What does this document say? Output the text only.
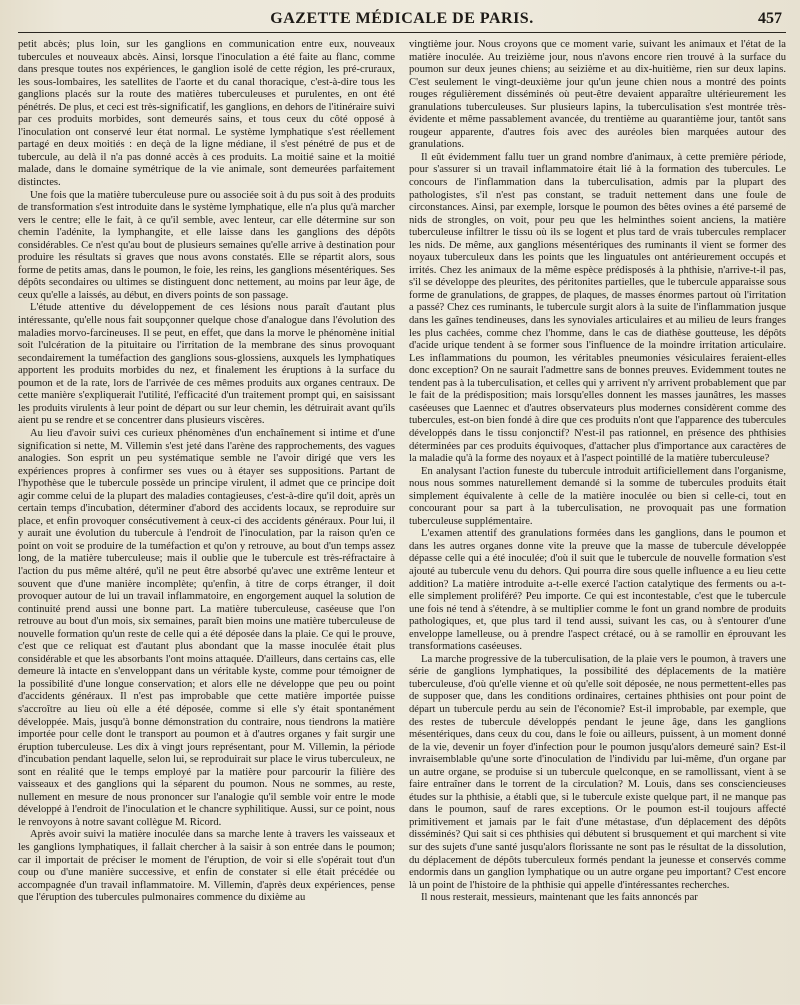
GAZETTE MÉDICALE DE PARIS.	457

petit abcès; plus loin, sur les ganglions en communication entre eux, nouveaux tubercules et nouveaux abcès. Ainsi, lorsque l'inoculation a été faite au flanc, comme dans presque toutes nos expériences, le ganglion isolé de cette région, les pré-cruraux, les sous-lombaires, les satellites de l'aorte et du canal thoracique, c'est-à-dire tous les ganglions placés sur la route des matières tuberculeuses et purulentes, en ont été pénétrés. De plus, et ceci est très-significatif, les ganglions, en dehors de l'itinéraire suivi par ces produits morbides, sont demeurés sains, et tous ceux du côté opposé à l'inoculation ont conservé leur état normal. Le système lymphatique s'est réellement partagé en deux moitiés : en deçà de la ligne médiane, il s'est pénétré de pus et de tubercule, au delà il n'a pas donné accès à ces produits. La moitié saine et la moitié malade, dans le domaine symétrique de la vie animale, sont demeurées parfaitement distinctes.

Une fois que la matière tuberculeuse pure ou associée soit à du pus soit à des produits de transformation s'est introduite dans le système lymphatique, elle n'a plus qu'à marcher vers le centre; elle le fait, à ce qu'il semble, avec lenteur, car elle détermine sur son chemin l'adénite, la lymphangite, et elle laisse dans les ganglions des dépôts considérables. Ce n'est qu'au bout de plusieurs semaines qu'elle arrive à destination pour produire les résultats si graves que nous avons constatés. Elle se répartit alors, sous forme de petits amas, dans le poumon, le foie, les reins, les ganglions mésentériques. Ses dépôts secondaires ou ultimes se distinguent donc nettement, au moins par leur âge, de ceux qu'elle a laissés, au début, en divers points de son passage.

L'étude attentive du développement de ces lésions nous paraît d'autant plus intéressante, qu'elle nous fait soupçonner quelque chose d'analogue dans l'évolution des maladies morvo-farcineuses. Il se peut, en effet, que dans la morve le phénomène initial soit l'ulcération de la pituitaire ou l'irritation de la membrane des sinus provoquant secondairement la tuméfaction des ganglions sous-glossiens, auxquels les lymphatiques apportent les produits morbides du nez, et finalement les éruptions à la surface du poumon et de la rate, lors de l'arrivée de ces mêmes produits aux organes centraux. De cette manière s'expliquerait l'utilité, l'efficacité d'un traitement prompt qui, en saisissant les produits virulents à leur point de départ ou sur leur chemin, les détruirait avant qu'ils aient pu se rendre et se concentrer dans plusieurs viscères.

Au lieu d'avoir suivi ces curieux phénomènes d'un enchaînement si intime et d'une signification si nette, M. Villemin s'est jeté dans l'arène des rapprochements, des vagues analogies. Son esprit un peu systématique semble ne l'avoir dirigé que vers les expériences propres à confirmer ses vues ou à étayer ses suppositions. Partant de l'hypothèse que le tubercule possède un principe virulent, il admet que ce principe doit agir comme celui de la plupart des maladies contagieuses, c'est-à-dire qu'il doit, après un certain temps d'incubation, déterminer d'abord des accidents locaux, se reproduire sur place, et enfin provoquer consécutivement à ceux-ci des accidents généraux. Pour lui, il y aurait une évolution du tubercule à l'endroit de l'inoculation, par la raison qu'en ce point on voit se produire de la tuméfaction et qu'on y retrouve, au bout d'un temps assez long, de la matière tuberculeuse; mais il oublie que le tubercule est très-réfractaire à l'action du pus même altéré, qu'il ne peut être absorbé qu'avec une extrême lenteur et souvent que d'une manière incomplète; qu'enfin, à titre de corps étranger, il doit provoquer autour de lui un travail inflammatoire, en engorgement auquel la solution de continuité prend aussi une bonne part. La matière tuberculeuse, caséeuse que l'on retrouve au bout d'un mois, six semaines, paraît bien moins une matière tuberculeuse de nouvelle formation qu'un reste de celle qui a été déposée dans la plaie. Ce qui le prouve, c'est que ce reliquat est d'autant plus abondant que la masse inoculée était plus considérable et que les absorbants l'ont moins attaquée. D'ailleurs, dans certains cas, elle demeure là intacte en s'enveloppant dans un véritable kyste, comme pour témoigner de la possibilité d'une longue conservation; et alors elle ne développe que peu ou point d'accidents généraux. Il n'est pas improbable que cette matière importée puisse s'accroître au lieu où elle a été déposée, comme si elle s'y était spontanément développée. Mais, jusqu'à bonne démonstration du contraire, nous tiendrons la matière importée pour celle dont le transport au poumon et à d'autres organes y fait surgir une éruption tuberculeuse. Les dix à vingt jours représentant, pour M. Villemin, la période d'incubation pendant laquelle, selon lui, se reproduirait sur place le virus tuberculeux, ne sont en réalité que le temps employé par la matière pour parcourir la filière des vaisseaux et des ganglions qui la séparent du poumon. Nous ne sommes, au reste, nullement en mesure de nous prononcer sur l'analogie qu'il semble voir entre le mode développé à l'endroit de l'inoculation et le chancre syphilitique. Aussi, sur ce point, nous le renvoyons à notre savant collègue M. Ricord.

Après avoir suivi la matière inoculée dans sa marche lente à travers les vaisseaux et les ganglions lymphatiques, il fallait chercher à la saisir à son entrée dans le poumon; car il importait de préciser le moment de l'éruption, de voir si elle s'opérait tout d'un coup ou d'une manière successive, et enfin de constater si elle était précédée ou accompagnée d'un travail inflammatoire. M. Villemin, d'après deux expériences, pense que l'éruption des tubercules pulmonaires commence du dixième au

vingtième jour. Nous croyons que ce moment varie, suivant les animaux et l'état de la matière inoculée. Au treizième jour, nous n'avons encore rien trouvé à la surface du poumon sur deux jeunes chiens; au seizième et au dix-huitième, rien sur deux lapins. C'est seulement le vingt-deuxième jour qu'un jeune chien nous a montré des points rouges régulièrement disséminés où peut-être devaient apparaître ultérieurement les granulations tuberculeuses. Sur plusieurs lapins, la tuberculisation s'est montrée très-évidente et même passablement avancée, du trentième au quarantième jour, tantôt sans rougeur apparente, d'autres fois avec des auréoles bien marquées autour des granulations.

Il eût évidemment fallu tuer un grand nombre d'animaux, à cette première période, pour s'assurer si un travail inflammatoire était lié à la formation des tubercules. Le concours de l'inflammation dans la tuberculisation, admis par la plupart des pathologistes, s'il n'est pas constant, se traduit nettement dans une foule de circonstances. Ainsi, par exemple, lorsque le poumon des bêtes ovines a été parsemé de nids de strongles, on voit, pour peu que les helminthes soient anciens, la matière tuberculeuse infiltrer le tissu où ils se logent et plus tard de vrais tubercules remplacer les nids. De même, aux ganglions mésentériques des ruminants il vient se former des noyaux tuberculeux dans les points que les linguatules ont antérieurement occupés et irrités. Chez les animaux de la même espèce prédisposés à la phthisie, n'arrive-t-il pas, s'il se développe des pleurites, des péritonites partielles, que le tubercule apparaisse sous forme de granulations, de grappes, de plaques, de masses énormes partout où l'irritation a passé? Chez ces ruminants, le tubercule surgit alors à la suite de l'inflammation jusque dans les gaînes tendineuses, dans les synoviales articulaires et au milieu de leurs franges les plus cachées, comme chez l'homme, dans le cas de diathèse goutteuse, les dépôts d'acide urique tendent à se former sous l'influence de la moindre irritation articulaire. Les inflammations du poumon, les véritables pneumonies vésiculaires feraient-elles donc exception? On ne saurait l'admettre sans de bonnes preuves. Evidemment toutes ne tendent pas à la tuberculisation, et celles qui y arrivent n'y arrivent probablement que par le fait de la prédisposition; mais lorsqu'elles donnent les masses jaunâtres, les masses caséeuses que Laennec et d'autres observateurs plus modernes considèrent comme des tubercules, est-on bien fondé à dire que ces produits n'ont que l'apparence des tubercules développés dans le tissu conjonctif? N'est-il pas rationnel, en présence des phthisies déterminées par ces produits équivoques, d'attacher plus d'importance aux caractères de la maladie qu'à la forme des noyaux et à l'aspect pointillé de la matière tuberculeuse?

En analysant l'action funeste du tubercule introduit artificiellement dans l'organisme, nous nous sommes naturellement demandé si la somme de tubercules produits était simplement équivalente à celle de la matière inoculée ou bien si celle-ci, tout en concourant pour sa part à la tuberculisation, ne provoquait pas une formation tuberculeuse supplémentaire.

L'examen attentif des granulations formées dans les ganglions, dans le poumon et dans les autres organes donne vite la preuve que la masse de tubercule développée dépasse celle qui a été inoculée; d'où il suit que le tubercule de nouvelle formation s'est ajouté au tubercule venu du dehors. Qui pourra dire sous quelle influence a eu lieu cette addition? La matière introduite a-t-elle exercé l'action catalytique des ferments ou a-t-elle simplement proliféré? Peu importe. Ce qui est incontestable, c'est que le tubercule une fois né tend à s'étendre, à se multiplier comme le font un grand nombre de produits pathologiques, et, que plus tard il tend aussi, suivant les cas, ou à s'entourer d'une enveloppe lamelleuse, ou à prendre l'aspect crétacé, ou à se ramollir en éprouvant les transformations caséeuses.

La marche progressive de la tuberculisation, de la plaie vers le poumon, à travers une série de ganglions lymphatiques, la possibilité des déplacements de la matière tuberculeuse, d'où qu'elle vienne et où qu'elle soit déposée, ne nous permettent-elles pas de supposer que, dans les conditions ordinaires, certaines phthisies ont pour point de départ un tubercule perdu au sein de l'économie? Est-il improbable, par exemple, que des restes de tubercule développés pendant le jeune âge, dans les ganglions mésentériques, dans ceux du cou, dans le foie ou ailleurs, puissent, à un moment donné de la vie, devenir un foyer d'infection pour le poumon jusqu'alors demeuré sain? Est-il invraisemblable qu'une sorte d'inoculation de l'individu par lui-même, d'un organe par un autre organe, se produise si un tubercule quelconque, en se ramollissant, vient à se faire entraîner dans le torrent de la circulation? M. Louis, dans ses consciencieuses études sur la phthisie, a établi que, si le tubercule existe quelque part, il ne manque pas dans le poumon, sauf de rares exceptions. Or le poumon est-il toujours affecté primitivement et jamais par le fait d'une métastase, d'un déplacement des dépôts disséminés? Qui sait si ces phthisies qui débutent si brusquement et qui marchent si vite sur des sujets d'une santé jusqu'alors florissante ne sont pas le résultat de la dissolution, du déplacement de dépôts tuberculeux formés pendant la jeunesse et conservés comme endormis dans un ganglion lymphatique ou un autre organe peu important? C'est encore là un point de l'histoire de la phthisie qui appelle d'intéressantes recherches.

Il nous resterait, messieurs, maintenant que les faits annoncés par
